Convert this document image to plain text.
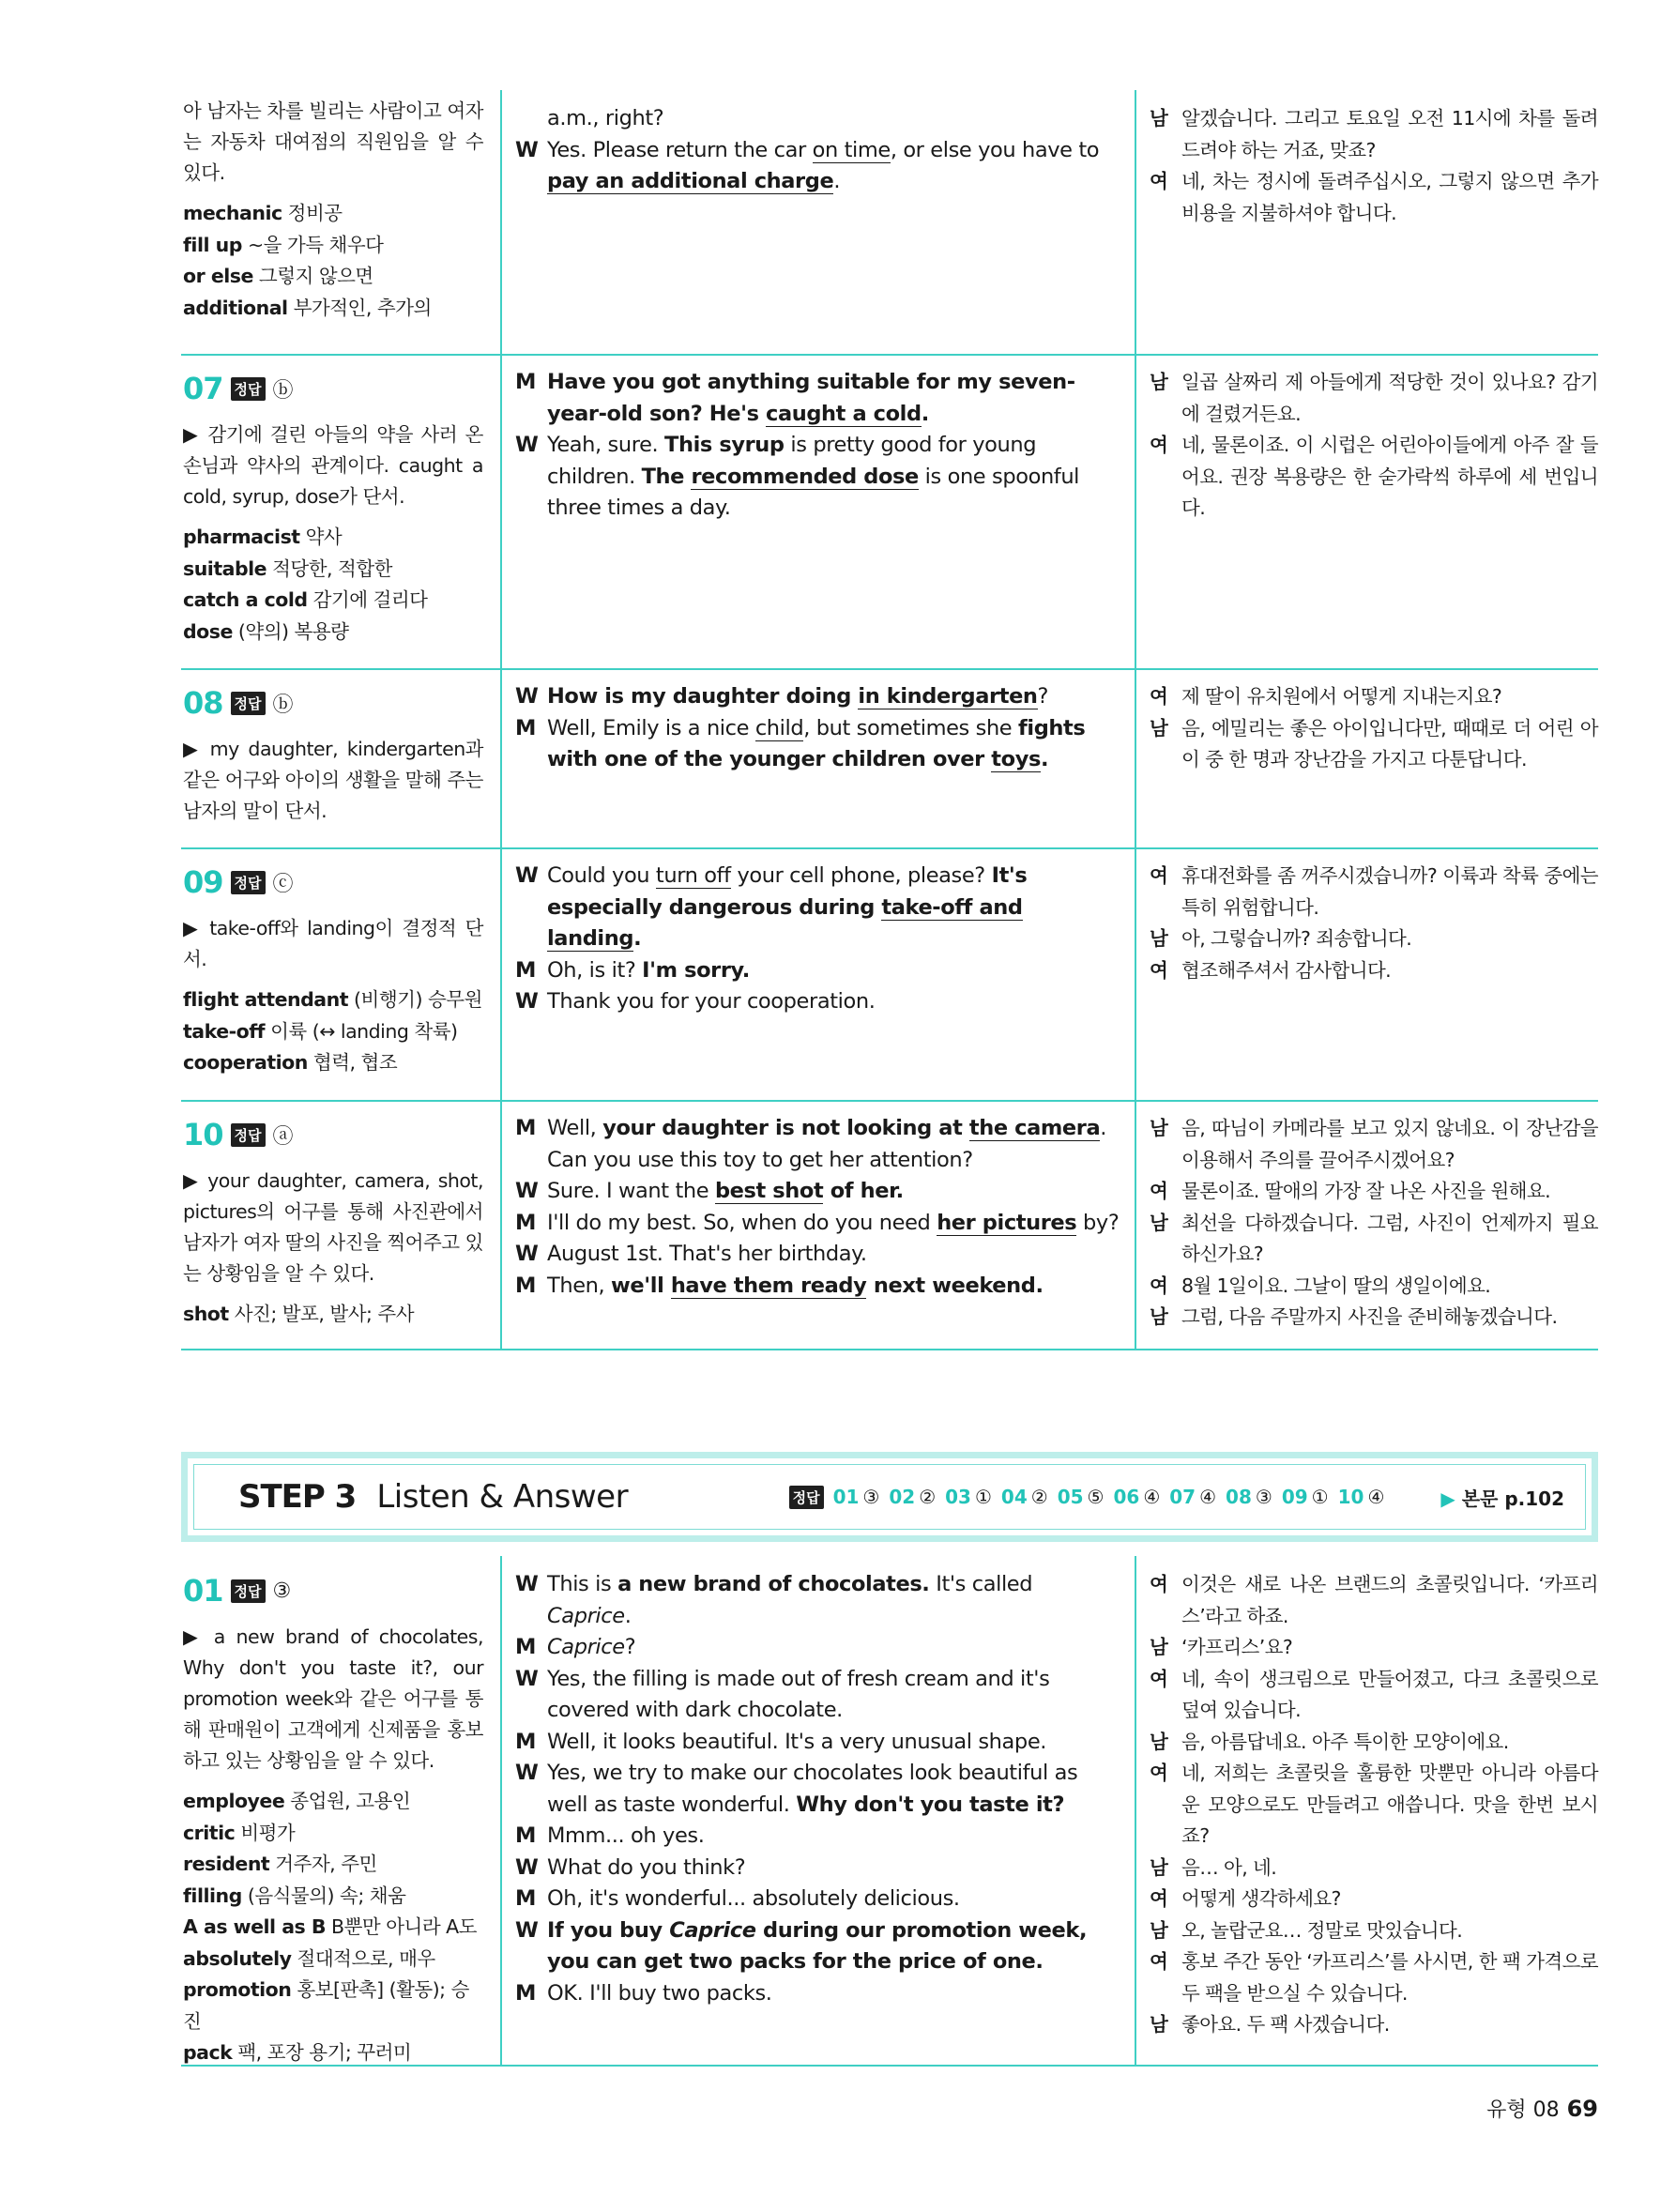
아 남자는 차를 빌리는 사람이고 여자는 자동차 대여점의 직원임을 알 수 있다.
mechanic 정비공
fill up ~을 가득 채우다
or else 그렇지 않으면
additional 부가적인, 추가의
a.m., right?
W Yes. Please return the car on time, or else you have to pay an additional charge.
남 알겠습니다. 그리고 토요일 오전 11시에 차를 돌려드려야 하는 거죠, 맞죠?
여 네, 차는 정시에 돌려주십시오, 그렇지 않으면 추가 비용을 지불하셔야 합니다.
07 정답 ⓑ
▶ 감기에 걸린 아들의 약을 사러 온 손님과 약사의 관계이다. caught a cold, syrup, dose가 단서.
pharmacist 약사
suitable 적당한, 적합한
catch a cold 감기에 걸리다
dose (약의) 복용량
M Have you got anything suitable for my seven-year-old son? He's caught a cold.
W Yeah, sure. This syrup is pretty good for young children. The recommended dose is one spoonful three times a day.
남 일곱 살짜리 제 아들에게 적당한 것이 있나요? 감기에 걸렸거든요.
여 네, 물론이죠. 이 시럽은 어린아이들에게 아주 잘 들어요. 권장 복용량은 한 숟가락씩 하루에 세 번입니다.
08 정답 ⓑ
▶ my daughter, kindergarten과 같은 어구와 아이의 생활을 말해 주는 남자의 말이 단서.
W How is my daughter doing in kindergarten?
M Well, Emily is a nice child, but sometimes she fights with one of the younger children over toys.
여 제 딸이 유치원에서 어떻게 지내는지요?
남 음, 에밀리는 좋은 아이입니다만, 때때로 더 어린 아이 중 한 명과 장난감을 가지고 다툰답니다.
09 정답 ⓒ
▶ take-off와 landing이 결정적 단서.
flight attendant (비행기) 승무원
take-off 이륙 (↔ landing 착륙)
cooperation 협력, 협조
W Could you turn off your cell phone, please? It's especially dangerous during take-off and landing.
M Oh, is it? I'm sorry.
W Thank you for your cooperation.
여 휴대전화를 좀 꺼주시겠습니까? 이륙과 착륙 중에는 특히 위험합니다.
남 아, 그렇습니까? 죄송합니다.
여 협조해주셔서 감사합니다.
10 정답 ⓐ
▶ your daughter, camera, shot, pictures의 어구를 통해 사진관에서 남자가 여자 딸의 사진을 찍어주고 있는 상황임을 알 수 있다.
shot 사진; 발포, 발사; 주사
M Well, your daughter is not looking at the camera. Can you use this toy to get her attention?
W Sure. I want the best shot of her.
M I'll do my best. So, when do you need her pictures by?
W August 1st. That's her birthday.
M Then, we'll have them ready next weekend.
남 음, 따님이 카메라를 보고 있지 않네요. 이 장난감을 이용해서 주의를 끌어주시겠어요?
여 물론이죠. 딸애의 가장 잘 나온 사진을 원해요.
남 최선을 다하겠습니다. 그럼, 사진이 언제까지 필요하신가요?
여 8월 1일이요. 그날이 딸의 생일이에요.
남 그럼, 다음 주말까지 사진을 준비해놓겠습니다.
STEP 3 Listen & Answer	정답 01 ③ 02 ② 03 ① 04 ② 05 ⑤ 06 ④ 07 ④ 08 ③ 09 ① 10 ④	▶ 본문 p.102
01 정답 ③
▶ a new brand of chocolates, Why don't you taste it?, our promotion week와 같은 어구를 통해 판매원이 고객에게 신제품을 홍보하고 있는 상황임을 알 수 있다.
employee 종업원, 고용인
critic 비평가
resident 거주자, 주민
filling (음식물의) 속; 채움
A as well as B B뿐만 아니라 A도
absolutely 절대적으로, 매우
promotion 홍보[판촉] (활동); 승진
pack 팩, 포장 용기; 꾸러미
W This is a new brand of chocolates. It's called Caprice.
M Caprice?
W Yes, the filling is made out of fresh cream and it's covered with dark chocolate.
M Well, it looks beautiful. It's a very unusual shape.
W Yes, we try to make our chocolates look beautiful as well as taste wonderful. Why don't you taste it?
M Mmm... oh yes.
W What do you think?
M Oh, it's wonderful... absolutely delicious.
W If you buy Caprice during our promotion week, you can get two packs for the price of one.
M OK. I'll buy two packs.
여 이것은 새로 나온 브랜드의 초콜릿입니다. ‘카프리스’라고 하죠.
남 ‘카프리스’요?
여 네, 속이 생크림으로 만들어졌고, 다크 초콜릿으로 덮여 있습니다.
남 음, 아름답네요. 아주 특이한 모양이에요.
여 네, 저희는 초콜릿을 훌륭한 맛뿐만 아니라 아름다운 모양으로도 만들려고 애씁니다. 맛을 한번 보시죠?
남 음… 아, 네.
여 어떻게 생각하세요?
남 오, 놀랍군요… 정말로 맛있습니다.
여 홍보 주간 동안 ‘카프리스’를 사시면, 한 팩 가격으로 두 팩을 받으실 수 있습니다.
남 좋아요. 두 팩 사겠습니다.
유형 08 69
